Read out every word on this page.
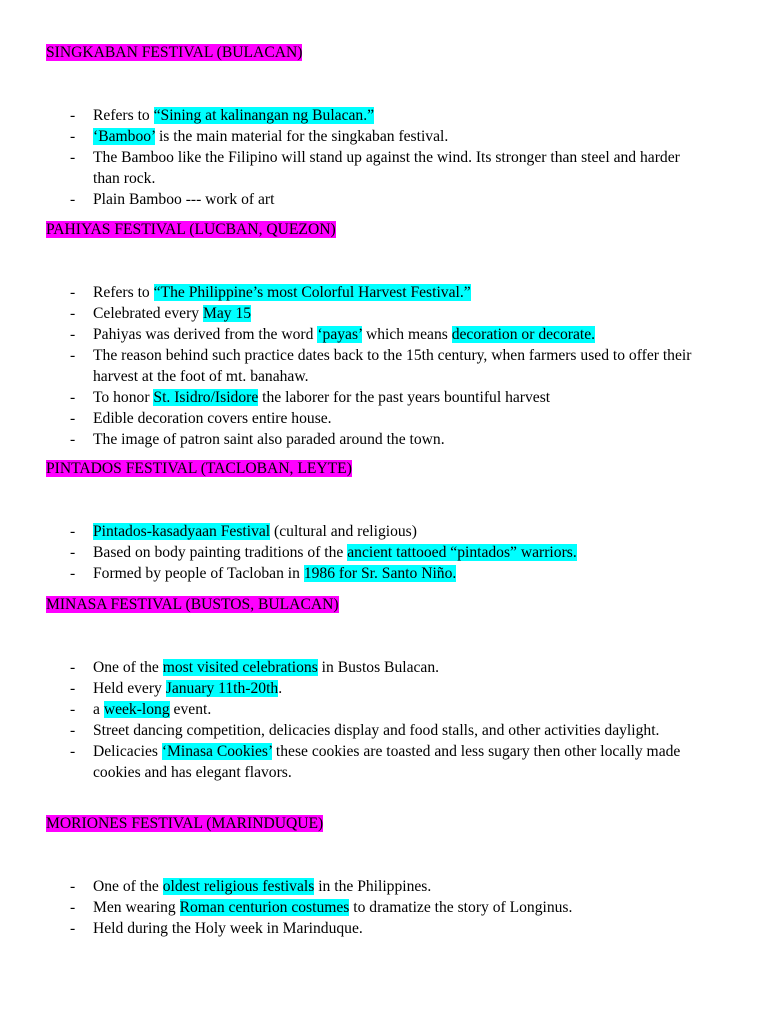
SINGKABAN FESTIVAL (BULACAN)
- Refers to “Sining at kalinangan ng Bulacan.”
- ‘Bamboo’ is the main material for the singkaban festival.
- The Bamboo like the Filipino will stand up against the wind. Its stronger than steel and harder than rock.
- Plain Bamboo --- work of art
PAHIYAS FESTIVAL (LUCBAN, QUEZON)
- Refers to “The Philippine’s most Colorful Harvest Festival.”
- Celebrated every May 15
- Pahiyas was derived from the word ‘payas’ which means decoration or decorate.
- The reason behind such practice dates back to the 15th century, when farmers used to offer their harvest at the foot of mt. banahaw.
- To honor St. Isidro/Isidore the laborer for the past years bountiful harvest
- Edible decoration covers entire house.
- The image of patron saint also paraded around the town.
PINTADOS FESTIVAL (TACLOBAN, LEYTE)
- Pintados-kasadyaan Festival (cultural and religious)
- Based on body painting traditions of the ancient tattooed “pintados” warriors.
- Formed by people of Tacloban in 1986 for Sr. Santo Niño.
MINASA FESTIVAL (BUSTOS, BULACAN)
- One of the most visited celebrations in Bustos Bulacan.
- Held every January 11th-20th.
- a week-long event.
- Street dancing competition, delicacies display and food stalls, and other activities daylight.
- Delicacies ‘Minasa Cookies’ these cookies are toasted and less sugary then other locally made cookies and has elegant flavors.
MORIONES FESTIVAL (MARINDUQUE)
- One of the oldest religious festivals in the Philippines.
- Men wearing Roman centurion costumes to dramatize the story of Longinus.
- Held during the Holy week in Marinduque.
